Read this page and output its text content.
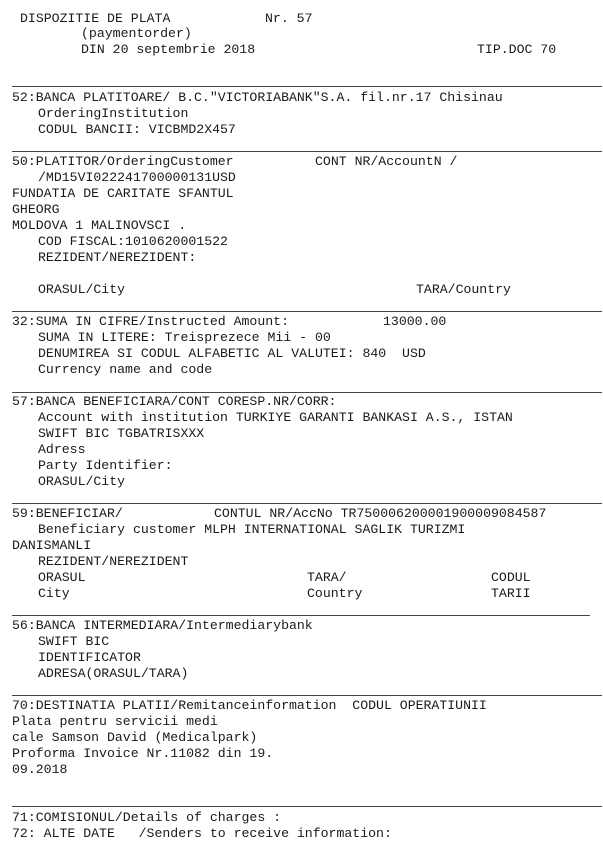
DISPOZITIE DE PLATA	Nr. 57
(paymentorder)
DIN 20 septembrie 2018	TIP.DOC 70
52:BANCA PLATITOARE/ B.C."VICTORIABANK"S.A. fil.nr.17 Chisinau
OrderingInstitution
CODUL BANCII: VICBMD2X457
50:PLATITOR/OrderingCustomer	CONT NR/AccountN /
/MD15VI022241700000131USD
FUNDATIA DE CARITATE SFANTUL
GHEORG
MOLDOVA 1 MALINOVSCI .
COD FISCAL:1010620001522
REZIDENT/NEREZIDENT:
ORASUL/City	TARA/Country
32:SUMA IN CIFRE/Instructed Amount:	13000.00
SUMA IN LITERE: Treisprezece Mii - 00
DENUMIREA SI CODUL ALFABETIC AL VALUTEI: 840  USD
Currency name and code
57:BANCA BENEFICIARA/CONT CORESP.NR/CORR:
Account with institution TURKIYE GARANTI BANKASI A.S., ISTAN
SWIFT BIC TGBATRISXXX
Adress
Party Identifier:
ORASUL/City
59:BENEFICIAR/	CONTUL NR/AccNo TR750006200001900009084587
Beneficiary customer MLPH INTERNATIONAL SAGLIK TURIZMI
DANISMANLI
REZIDENT/NEREZIDENT
ORASUL	TARA/	CODUL
City	Country	TARII
56:BANCA INTERMEDIARA/Intermediarybank
SWIFT BIC
IDENTIFICATOR
ADRESA(ORASUL/TARA)
70:DESTINATIA PLATII/Remitanceinformation  CODUL OPERATIUNII
Plata pentru servicii medi
cale Samson David (Medicalpark)
Proforma Invoice Nr.11082 din 19.
09.2018
71:COMISIONUL/Details of charges :
72: ALTE DATE   /Senders to receive information:
